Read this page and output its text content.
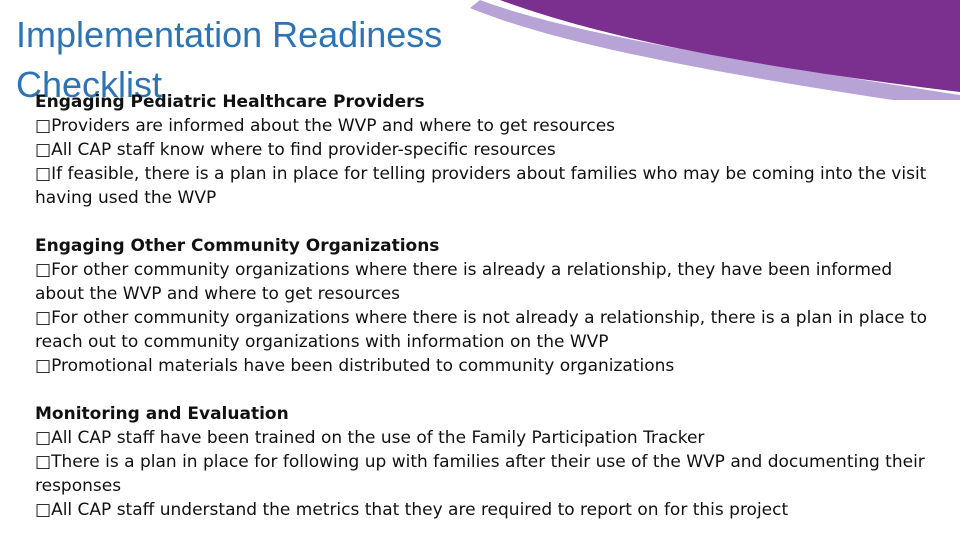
Implementation Readiness Checklist
Engaging Pediatric Healthcare Providers
□ Providers are informed about the WVP and where to get resources
□ All CAP staff know where to find provider-specific resources
□ If feasible, there is a plan in place for telling providers about families who may be coming into the visit having used the WVP
Engaging Other Community Organizations
□ For other community organizations where there is already a relationship, they have been informed about the WVP and where to get resources
□ For other community organizations where there is not already a relationship, there is a plan in place to reach out to community organizations with information on the WVP
□ Promotional materials have been distributed to community organizations
Monitoring and Evaluation
□ All CAP staff have been trained on the use of the Family Participation Tracker
□ There is a plan in place for following up with families after their use of the WVP and documenting their responses
□ All CAP staff understand the metrics that they are required to report on for this project
